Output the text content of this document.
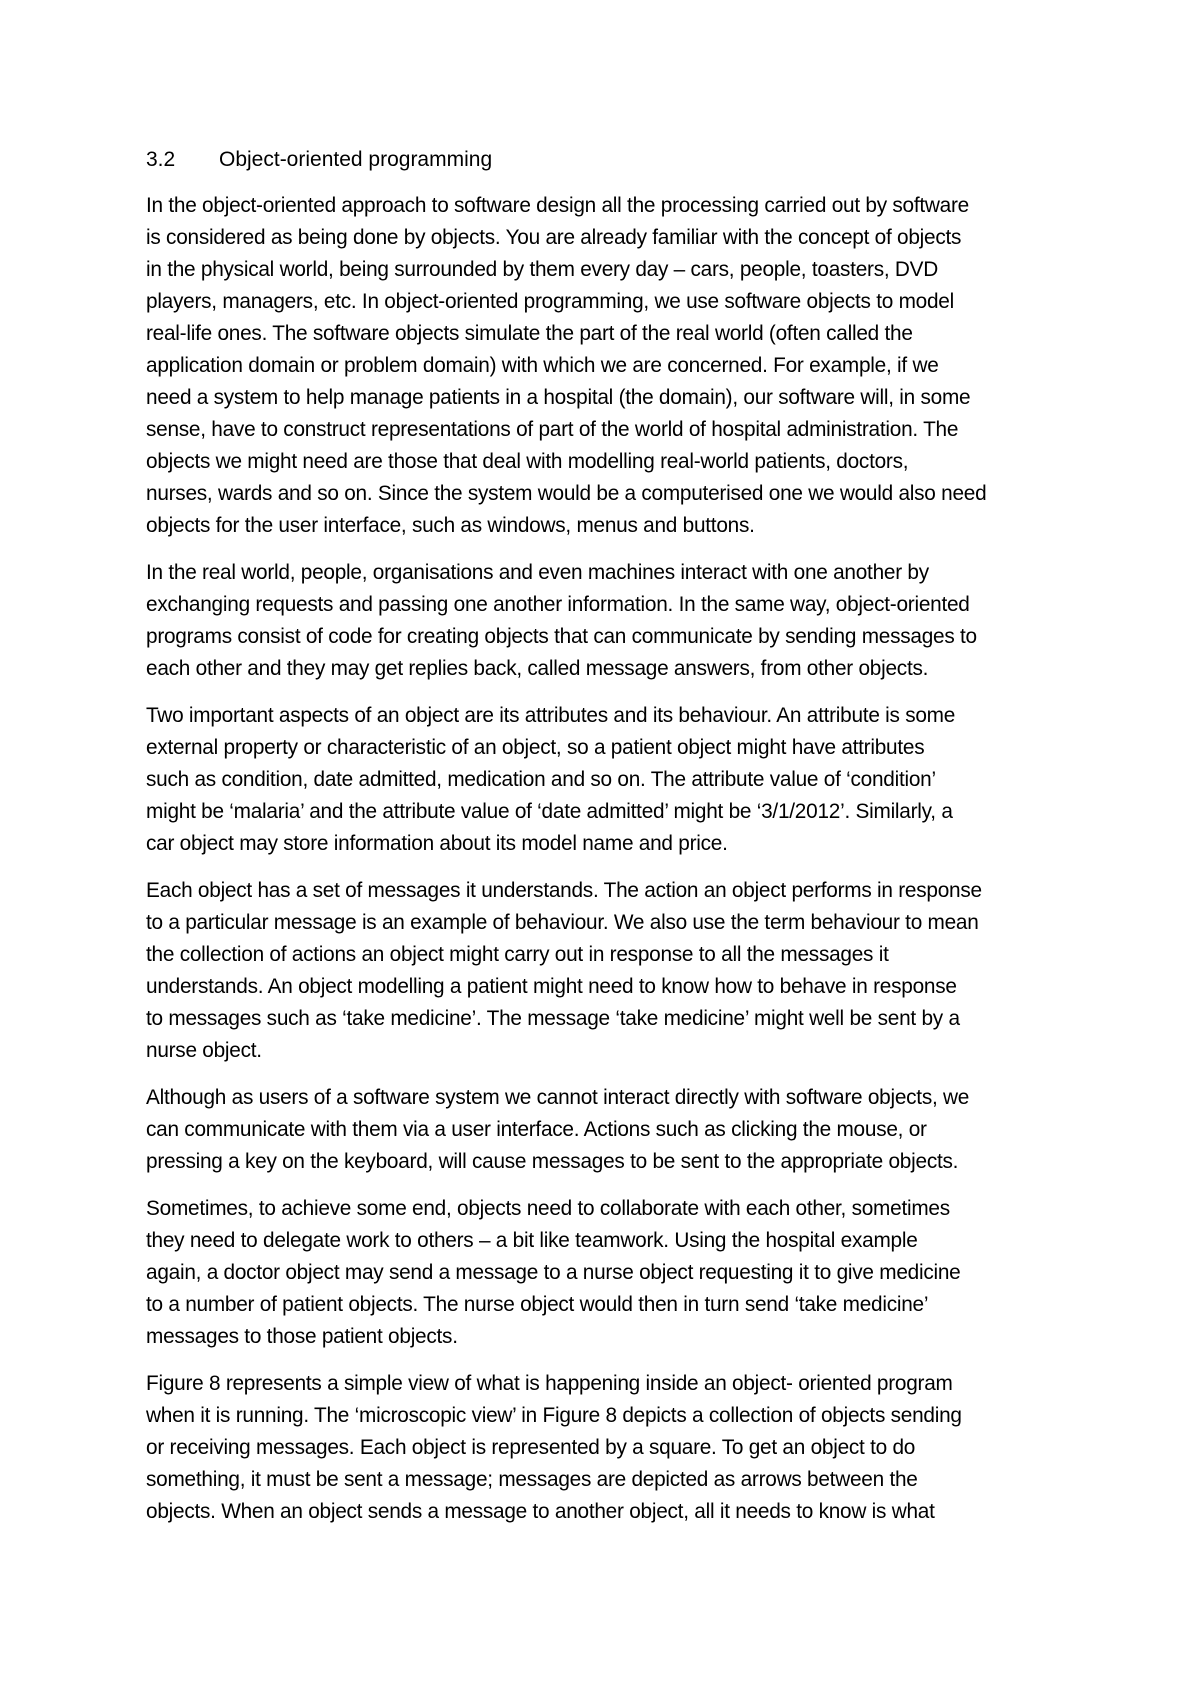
3.2	Object-oriented programming
In the object-oriented approach to software design all the processing carried out by software
is considered as being done by objects. You are already familiar with the concept of objects
in the physical world, being surrounded by them every day – cars, people, toasters, DVD
players, managers, etc. In object-oriented programming, we use software objects to model
real-life ones. The software objects simulate the part of the real world (often called the
application domain or problem domain) with which we are concerned. For example, if we
need a system to help manage patients in a hospital (the domain), our software will, in some
sense, have to construct representations of part of the world of hospital administration. The
objects we might need are those that deal with modelling real-world patients, doctors,
nurses, wards and so on. Since the system would be a computerised one we would also need
objects for the user interface, such as windows, menus and buttons.
In the real world, people, organisations and even machines interact with one another by
exchanging requests and passing one another information. In the same way, object-oriented
programs consist of code for creating objects that can communicate by sending messages to
each other and they may get replies back, called message answers, from other objects.
Two important aspects of an object are its attributes and its behaviour. An attribute is some
external property or characteristic of an object, so a patient object might have attributes
such as condition, date admitted, medication and so on. The attribute value of ‘condition’
might be ‘malaria’ and the attribute value of ‘date admitted’ might be ‘3/1/2012’. Similarly, a
car object may store information about its model name and price.
Each object has a set of messages it understands. The action an object performs in response
to a particular message is an example of behaviour. We also use the term behaviour to mean
the collection of actions an object might carry out in response to all the messages it
understands. An object modelling a patient might need to know how to behave in response
to messages such as ‘take medicine’. The message ‘take medicine’ might well be sent by a
nurse object.
Although as users of a software system we cannot interact directly with software objects, we
can communicate with them via a user interface. Actions such as clicking the mouse, or
pressing a key on the keyboard, will cause messages to be sent to the appropriate objects.
Sometimes, to achieve some end, objects need to collaborate with each other, sometimes
they need to delegate work to others – a bit like teamwork. Using the hospital example
again, a doctor object may send a message to a nurse object requesting it to give medicine
to a number of patient objects. The nurse object would then in turn send ‘take medicine’
messages to those patient objects.
Figure 8 represents a simple view of what is happening inside an object- oriented program
when it is running. The ‘microscopic view’ in Figure 8 depicts a collection of objects sending
or receiving messages. Each object is represented by a square. To get an object to do
something, it must be sent a message; messages are depicted as arrows between the
objects. When an object sends a message to another object, all it needs to know is what
